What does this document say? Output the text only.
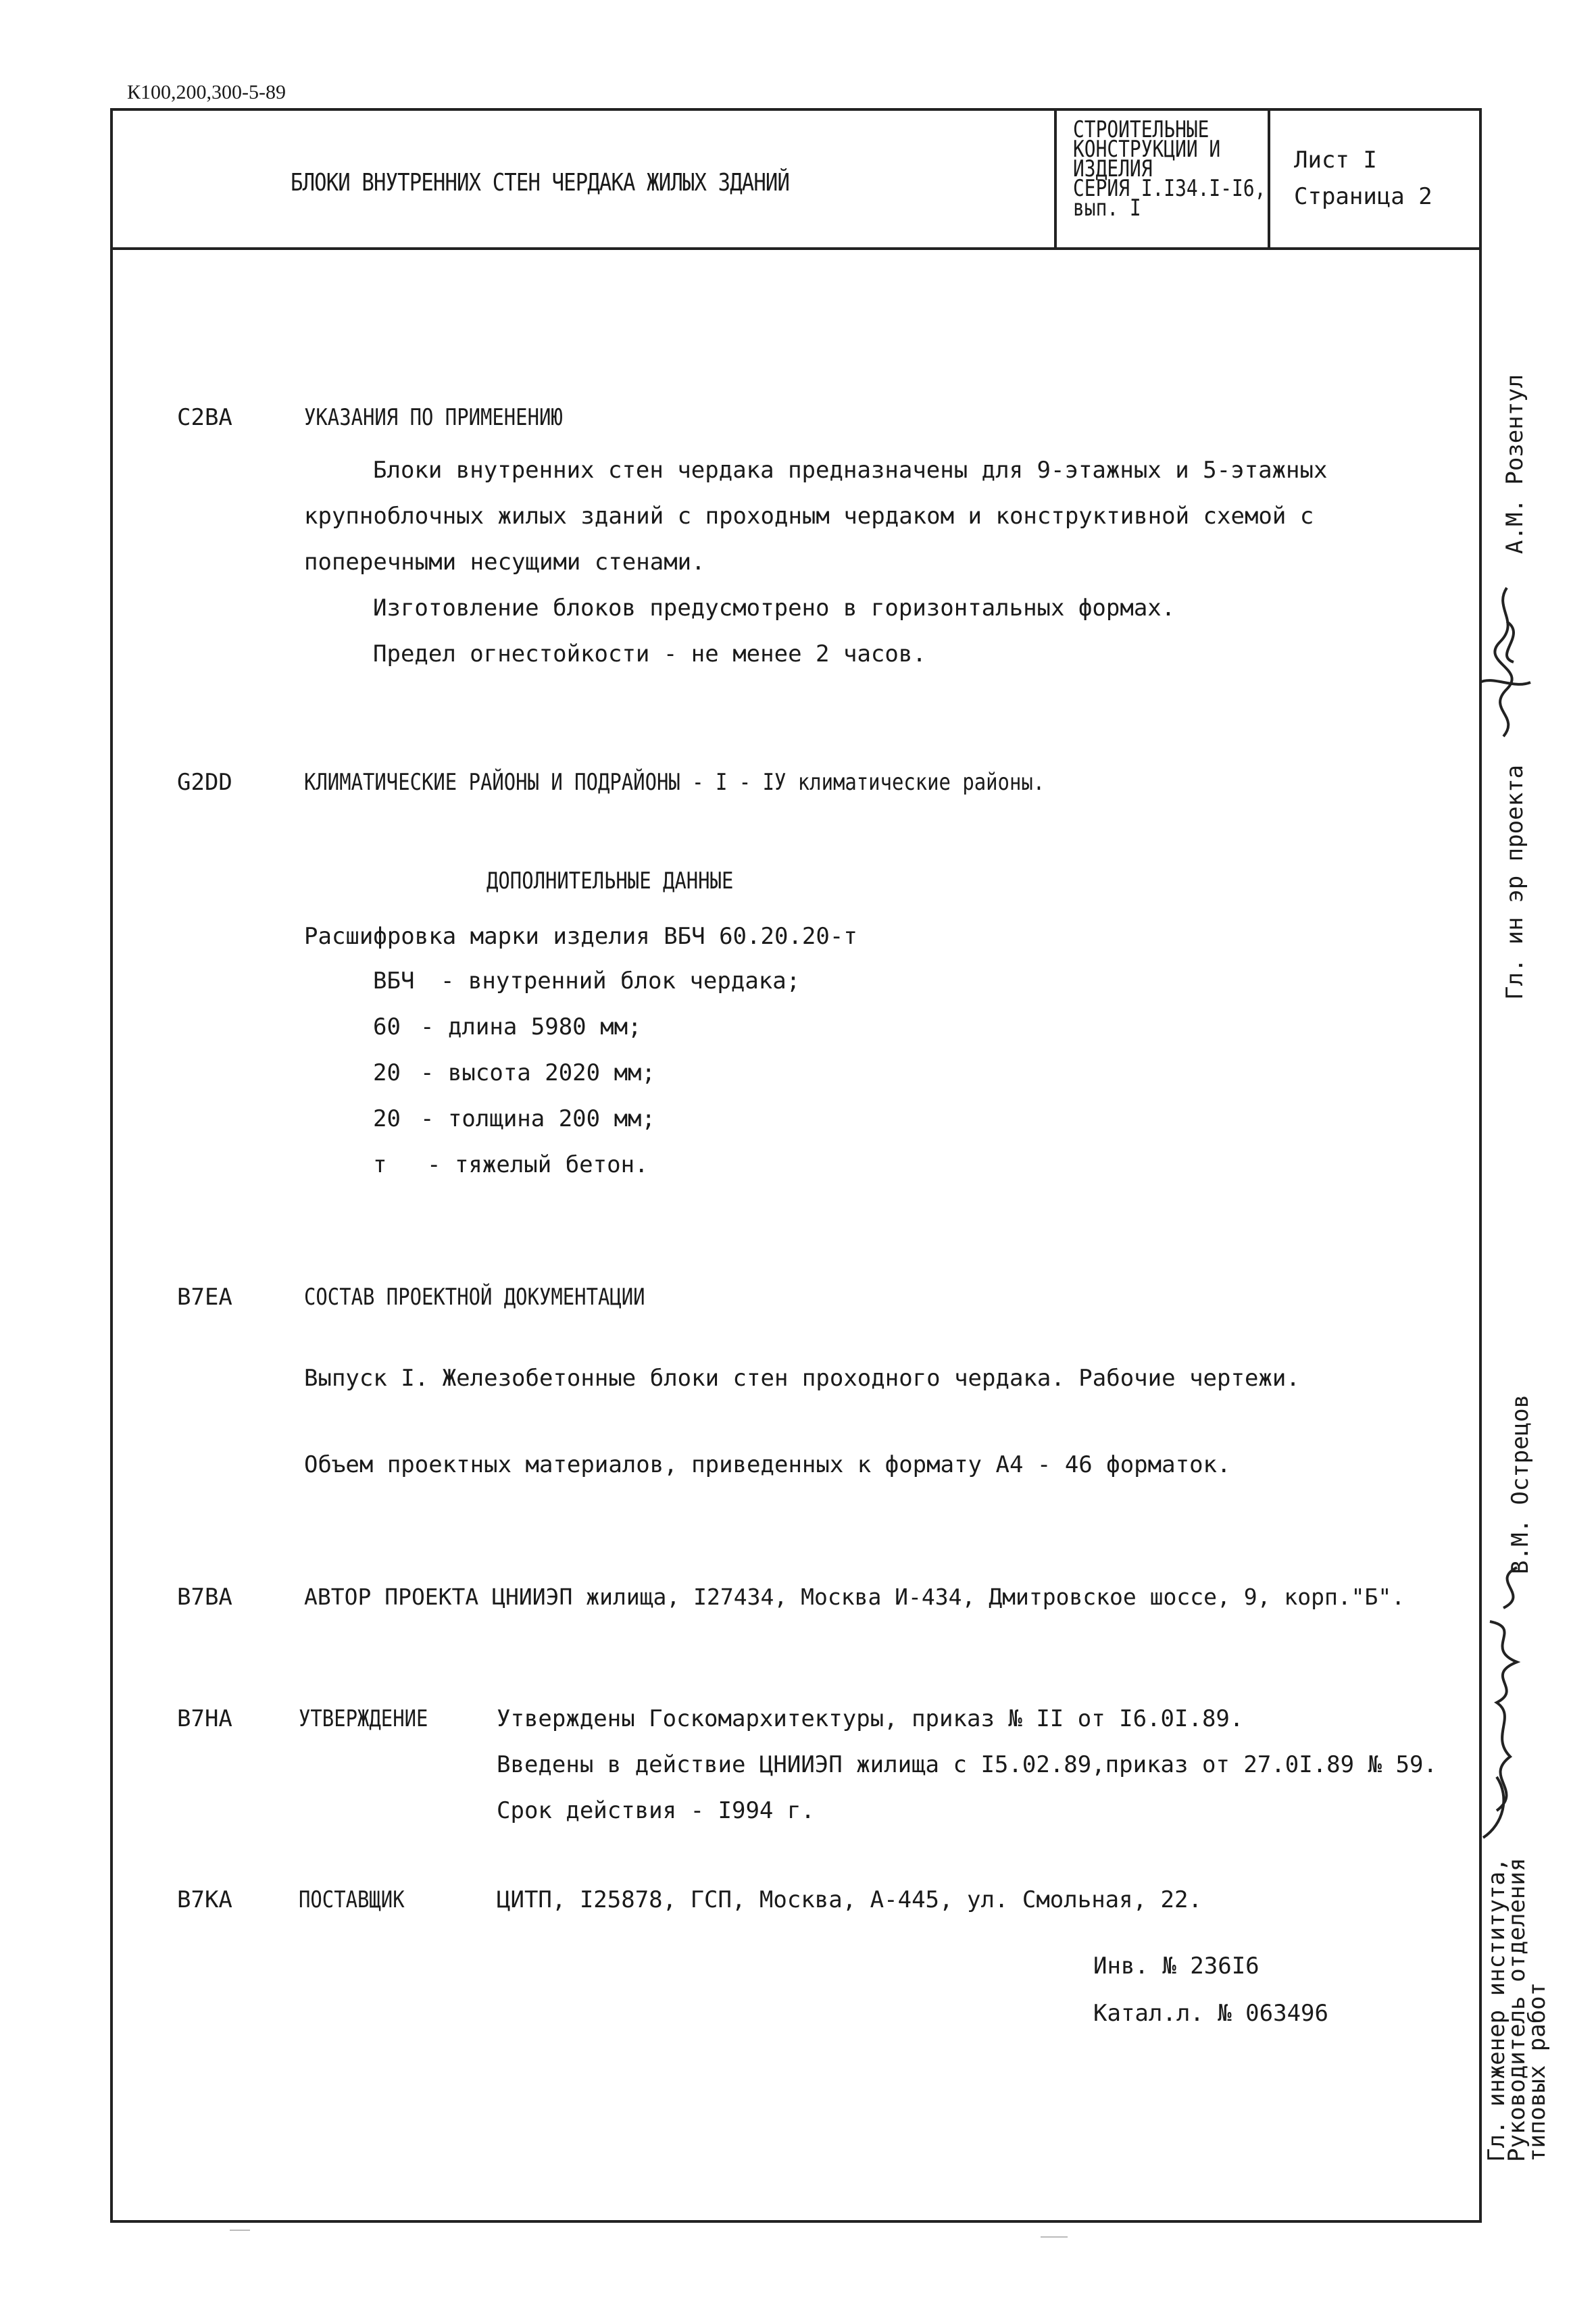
К100,200,300-5-89
БЛОКИ ВНУТРЕННИХ СТЕН ЧЕРДАКА ЖИЛЫХ ЗДАНИЙ
СТРОИТЕЛЬНЫЕ
КОНСТРУКЦИИ И
ИЗДЕЛИЯ
СЕРИЯ I.I34.I-I6,
вып. I
Лист I
Страница 2
C2BA	УКАЗАНИЯ ПО ПРИМЕНЕНИЮ
Блоки внутренних стен чердака предназначены для 9-этажных и 5-этажных
крупноблочных жилых зданий с проходным чердаком и конструктивной схемой с
поперечными несущими стенами.
Изготовление блоков предусмотрено в горизонтальных формах.
Предел огнестойкости - не менее 2 часов.
G2DD	КЛИМАТИЧЕСКИЕ РАЙОНЫ И ПОДРАЙОНЫ - I - IУ климатические районы.
ДОПОЛНИТЕЛЬНЫЕ ДАННЫЕ
Расшифровка марки изделия ВБЧ 60.20.20-т
ВБЧ - внутренний блок чердака;
60 - длина 5980 мм;
20 - высота 2020 мм;
20 - толщина 200 мм;
т - тяжелый бетон.
B7EA	СОСТАВ ПРОЕКТНОЙ ДОКУМЕНТАЦИИ
Выпуск I. Железобетонные блоки стен проходного чердака. Рабочие чертежи.
Объем проектных материалов, приведенных к формату А4 - 46 форматок.
B7BA	АВТОР ПРОЕКТА ЦНИИЭП жилища, I27434, Москва И-434, Дмитровское шоссе, 9, корп."Б".
B7HA	УТВЕРЖДЕНИЕ	Утверждены Госкомархитектуры, приказ № II от I6.0I.89.
Введены в действие ЦНИИЭП жилища с I5.02.89,приказ от 27.0I.89 № 59.
Срок действия - I994 г.
B7KA	ПОСТАВЩИК	ЦИТП, I25878, ГСП, Москва, А-445, ул. Смольная, 22.
Инв. № 236I6
Катал.л. № 063496
Гл. ин эр проекта
А.М. Розентул
Гл. инженер института,
Руководитель отделения
типовых работ
В.М. Острецов
